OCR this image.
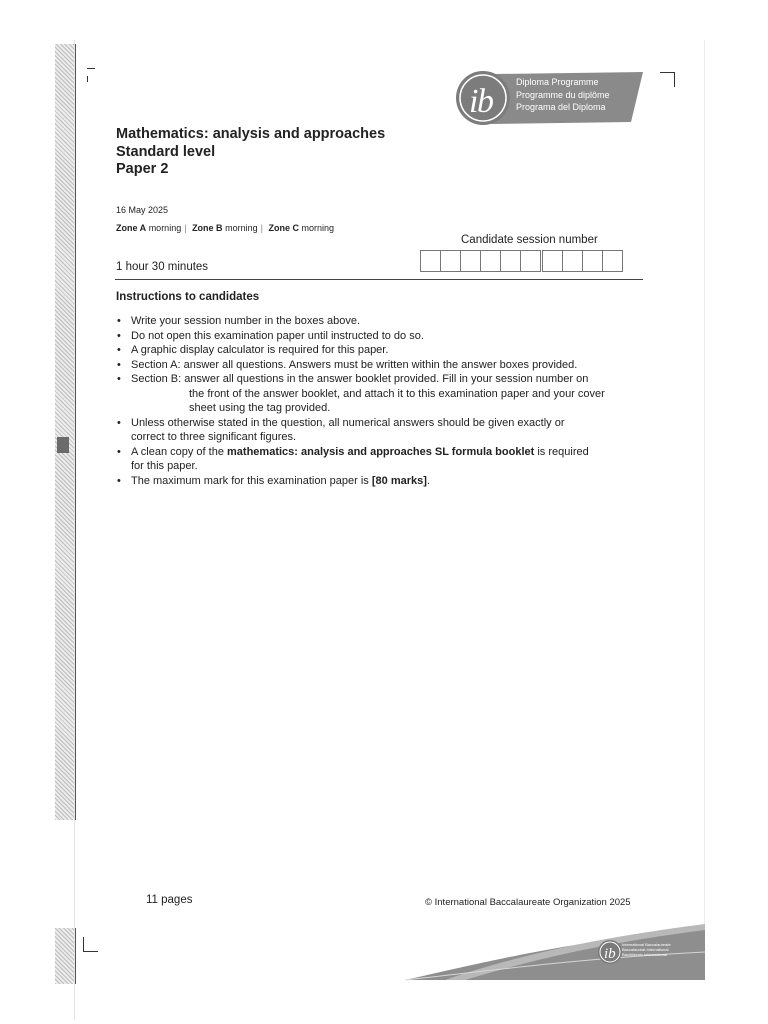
i
b
Diploma Programme
Programme du diplôme
Programa del Diploma
Mathematics: analysis and approaches
Standard level
Paper 2
16 May 2025
Zone A morning | Zone B morning | Zone C morning
Candidate session number
1 hour 30 minutes
Instructions to candidates
• Write your session number in the boxes above.
• Do not open this examination paper until instructed to do so.
• A graphic display calculator is required for this paper.
• Section A: answer all questions. Answers must be written within the answer boxes provided.
• Section B: answer all questions in the answer booklet provided. Fill in your session number on
the front of the answer booklet, and attach it to this examination paper and your cover
sheet using the tag provided.
• Unless otherwise stated in the question, all numerical answers should be given exactly or
correct to three significant figures.
• A clean copy of the mathematics: analysis and approaches SL formula booklet is required
for this paper.
• The maximum mark for this examination paper is [80 marks].
11 pages	© International Baccalaureate Organization 2025
ib
International Baccalaureate
Baccalauréat International
Bachillerato Internacional
